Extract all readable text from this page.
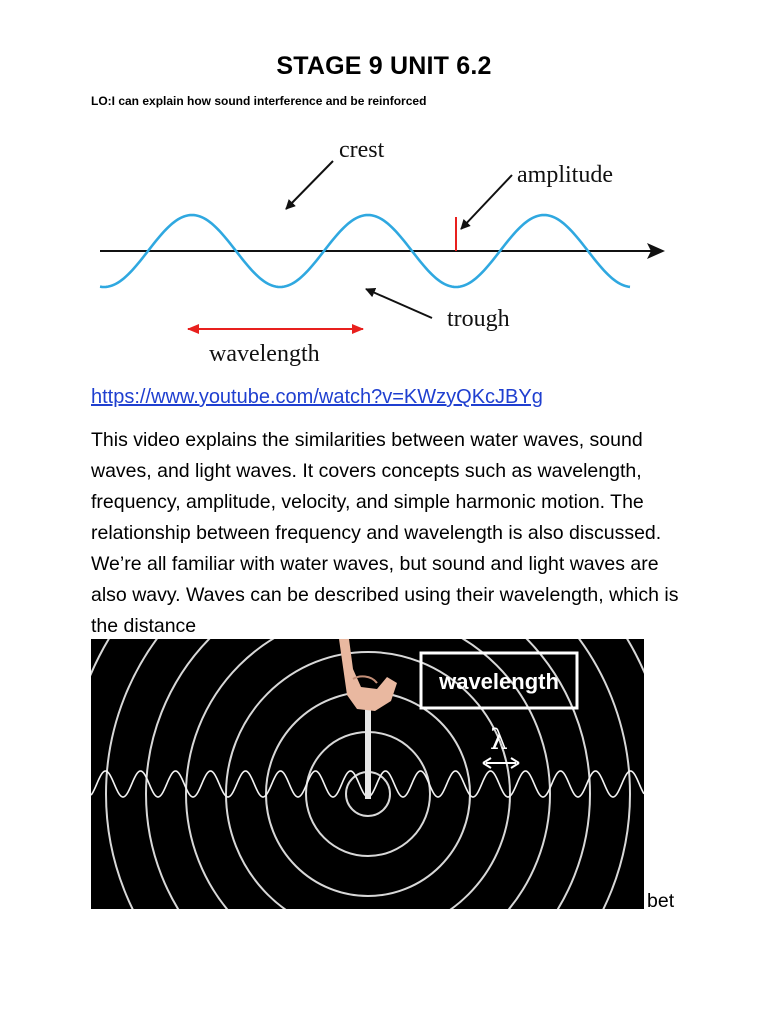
STAGE 9 UNIT 6.2
LO:I can explain how sound interference and be reinforced
crest
amplitude
trough
wavelength
https://www.youtube.com/watch?v=KWzyQKcJBYg
This video explains the similarities between water waves, sound waves, and light waves. It covers concepts such as wavelength, frequency, amplitude, velocity, and simple harmonic motion. The relationship between frequency and wavelength is also discussed. We’re all familiar with water waves, but sound and light waves are also wavy. Waves can be described using their wavelength, which is the distance
wavelength
λ
bet
